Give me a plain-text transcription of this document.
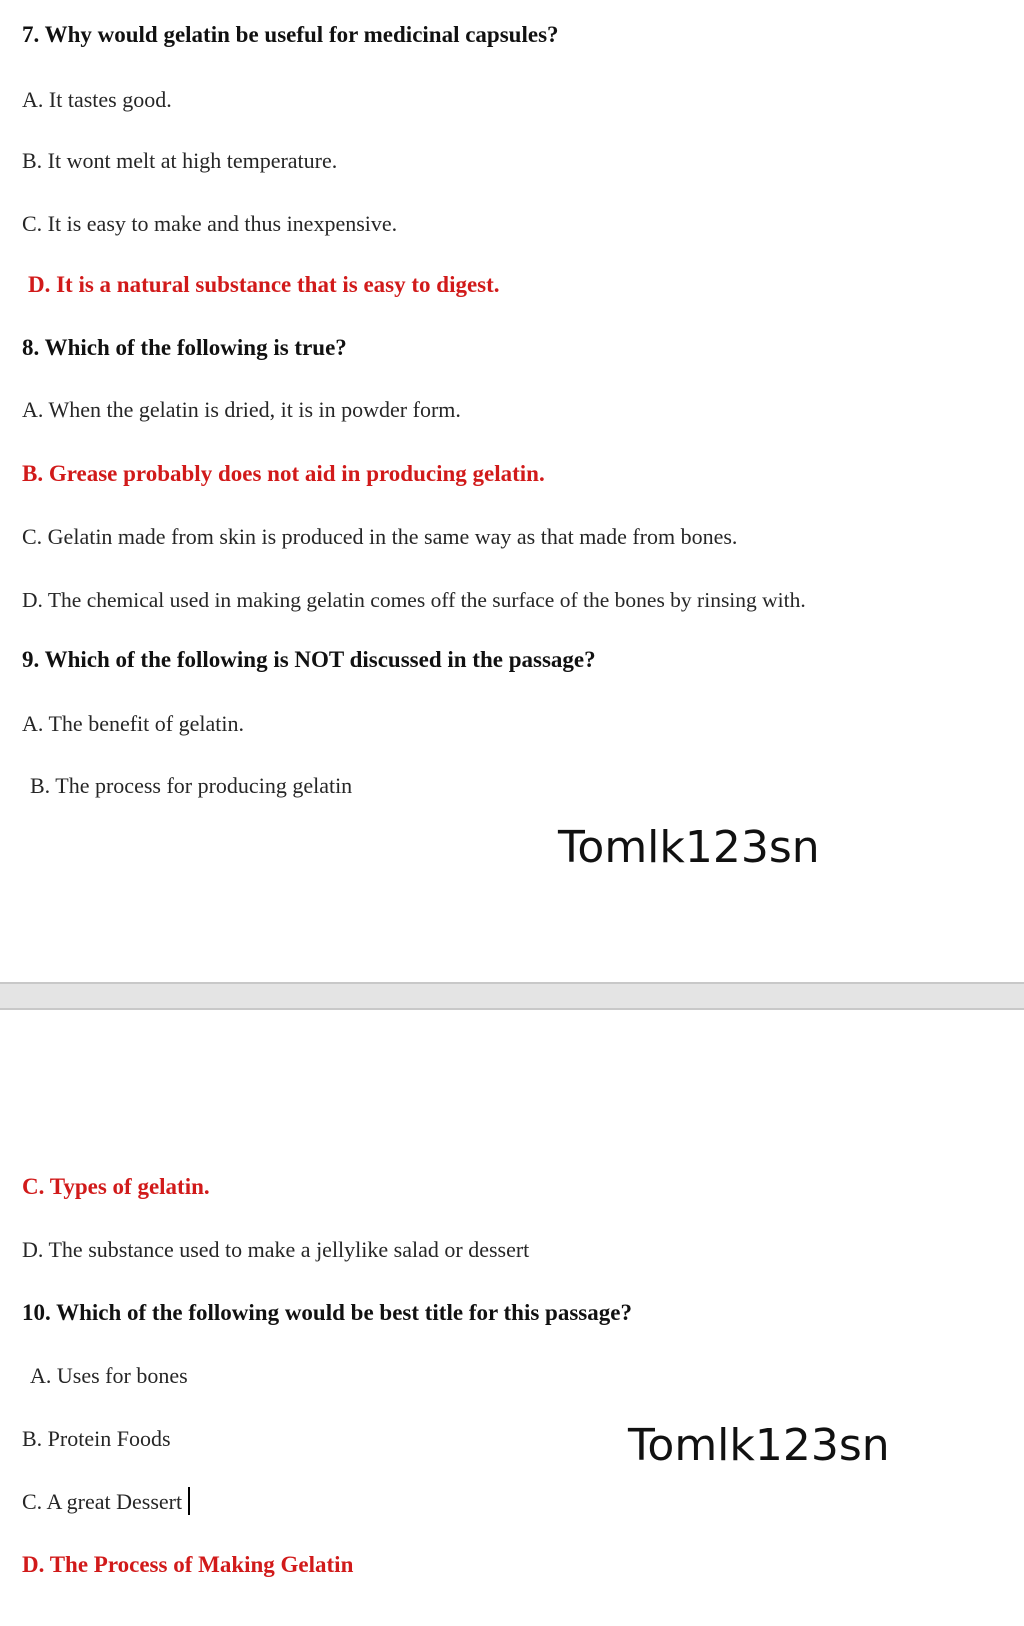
7. Why would gelatin be useful for medicinal capsules?
A. It tastes good.
B. It wont melt at high temperature.
C. It is easy to make and thus inexpensive.
D. It is a natural substance that is easy to digest.
8. Which of the following is true?
A. When the gelatin is dried, it is in powder form.
B. Grease probably does not aid in producing gelatin.
C. Gelatin made from skin is produced in the same way as that made from bones.
D. The chemical used in making gelatin comes off the surface of the bones by rinsing with.
9. Which of the following is NOT discussed in the passage?
A. The benefit of gelatin.
B. The process for producing gelatin
Tomlk123sn
C. Types of gelatin.
D. The substance used to make a jellylike salad or dessert
10. Which of the following would be best title for this passage?
A. Uses for bones
B. Protein Foods
C. A great Dessert
D. The Process of Making Gelatin
Tomlk123sn
